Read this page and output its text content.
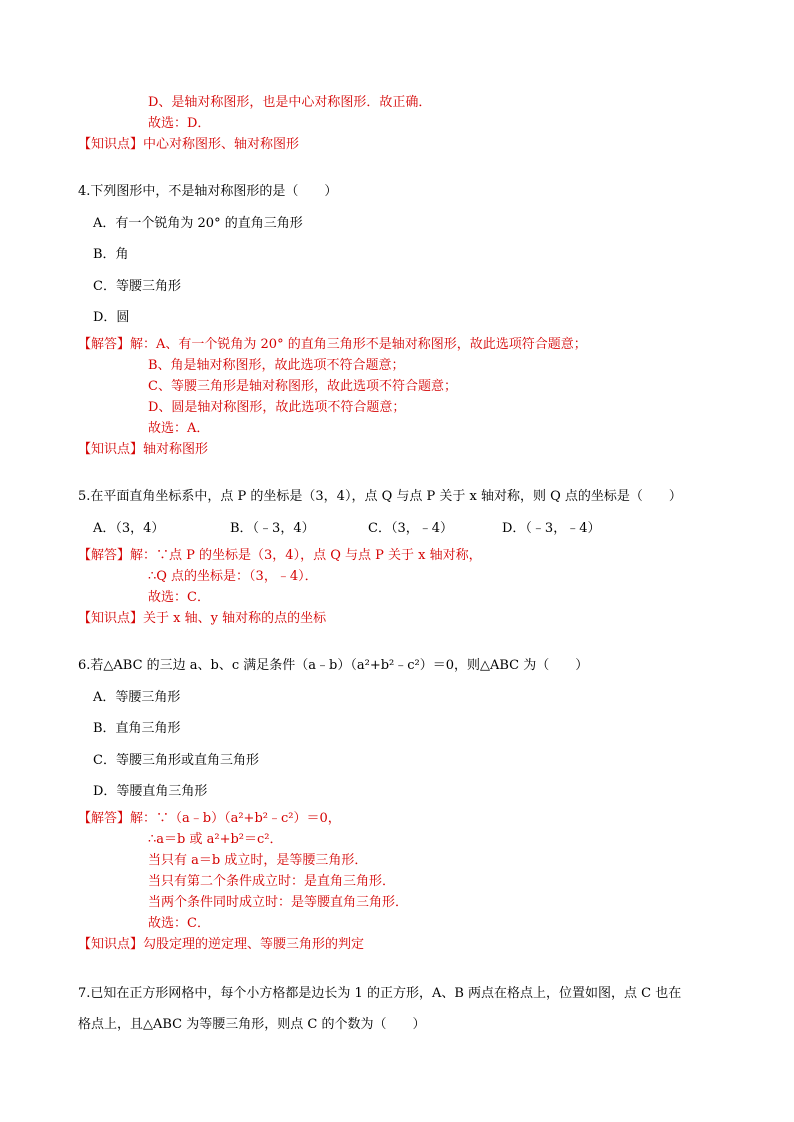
D、是轴对称图形，也是中心对称图形．故正确．
故选：D．
【知识点】中心对称图形、轴对称图形
4.下列图形中，不是轴对称图形的是（　　）
A．有一个锐角为 20° 的直角三角形
B．角
C．等腰三角形
D．圆
【解答】解：A、有一个锐角为 20° 的直角三角形不是轴对称图形，故此选项符合题意；
B、角是轴对称图形，故此选项不符合题意；
C、等腰三角形是轴对称图形，故此选项不符合题意；
D、圆是轴对称图形，故此选项不符合题意；
故选：A．
【知识点】轴对称图形
5.在平面直角坐标系中，点 P 的坐标是（3，4），点 Q 与点 P 关于 x 轴对称，则 Q 点的坐标是（　　）
A．（3，4）	B．（﹣3，4）	C．（3，﹣4）	D．（﹣3，﹣4）
【解答】解：∵点 P 的坐标是（3，4），点 Q 与点 P 关于 x 轴对称，
∴Q 点的坐标是：（3，﹣4）．
故选：C．
【知识点】关于 x 轴、y 轴对称的点的坐标
6.若△ABC 的三边 a、b、c 满足条件（a﹣b）（a²+b²﹣c²）＝0，则△ABC 为（　　）
A．等腰三角形
B．直角三角形
C．等腰三角形或直角三角形
D．等腰直角三角形
【解答】解：∵（a﹣b）（a²+b²﹣c²）＝0，
∴a＝b 或 a²+b²＝c²．
当只有 a＝b 成立时，是等腰三角形．
当只有第二个条件成立时：是直角三角形．
当两个条件同时成立时：是等腰直角三角形．
故选：C．
【知识点】勾股定理的逆定理、等腰三角形的判定
7.已知在正方形网格中，每个小方格都是边长为 1 的正方形，A、B 两点在格点上，位置如图，点 C 也在
格点上，且△ABC 为等腰三角形，则点 C 的个数为（　　）
